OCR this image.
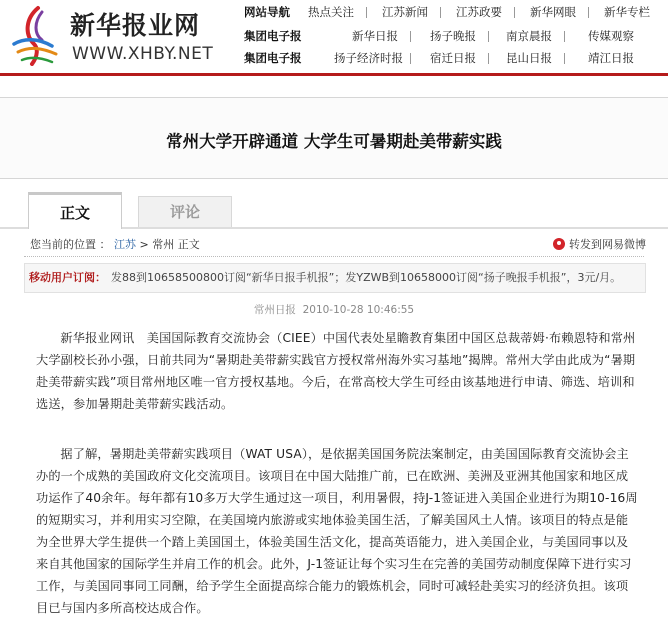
新华报业网
WWW.XHBY.NET
网站导航 热点关注 江苏新闻 江苏政要 新华网眼 新华专栏
集团电子报	新华日报	扬子晚报	南京晨报	传媒观察
集团电子报	扬子经济时报 宿迁日报	昆山日报	靖江日报
常州大学开辟通道 大学生可暑期赴美带薪实践
正文	评论
您当前的位置 ： 江苏 > 常州 正文	转发到网易微博
移动用户订阅： 发88到10658500800订阅“新华日报手机报”；发YZWB到10658000订阅“扬子晚报手机报”，3元/月。
常州日报 2010-10-28 10:46:55

新华报业网讯　美国国际教育交流协会（CIEE）中国代表处星瞻教育集团中国区总裁蒂姆·布赖恩特和常州大学副校长孙小强，日前共同为“暑期赴美带薪实践官方授权常州海外实习基地”揭牌。常州大学由此成为“暑期赴美带薪实践”项目常州地区唯一官方授权基地。今后，在常高校大学生可经由该基地进行申请、筛选、培训和选送，参加暑期赴美带薪实践活动。

据了解，暑期赴美带薪实践项目（WAT USA），是依据美国国务院法案制定，由美国国际教育交流协会主办的一个成熟的美国政府文化交流项目。该项目在中国大陆推广前，已在欧洲、美洲及亚洲其他国家和地区成功运作了40余年。每年都有10多万大学生通过这一项目，利用暑假，持J-1签证进入美国企业进行为期10-16周的短期实习，并利用实习空隙，在美国境内旅游或实地体验美国生活，了解美国风土人情。该项目的特点是能为全世界大学生提供一个踏上美国国土，体验美国生活文化，提高英语能力，进入美国企业，与美国同事以及来自其他国家的国际学生并肩工作的机会。此外，J-1签证让每个实习生在完善的美国劳动制度保障下进行实习工作，与美国同事同工同酬，给予学生全面提高综合能力的锻炼机会，同时可减轻赴美实习的经济负担。该项目已与国内多所高校达成合作。
